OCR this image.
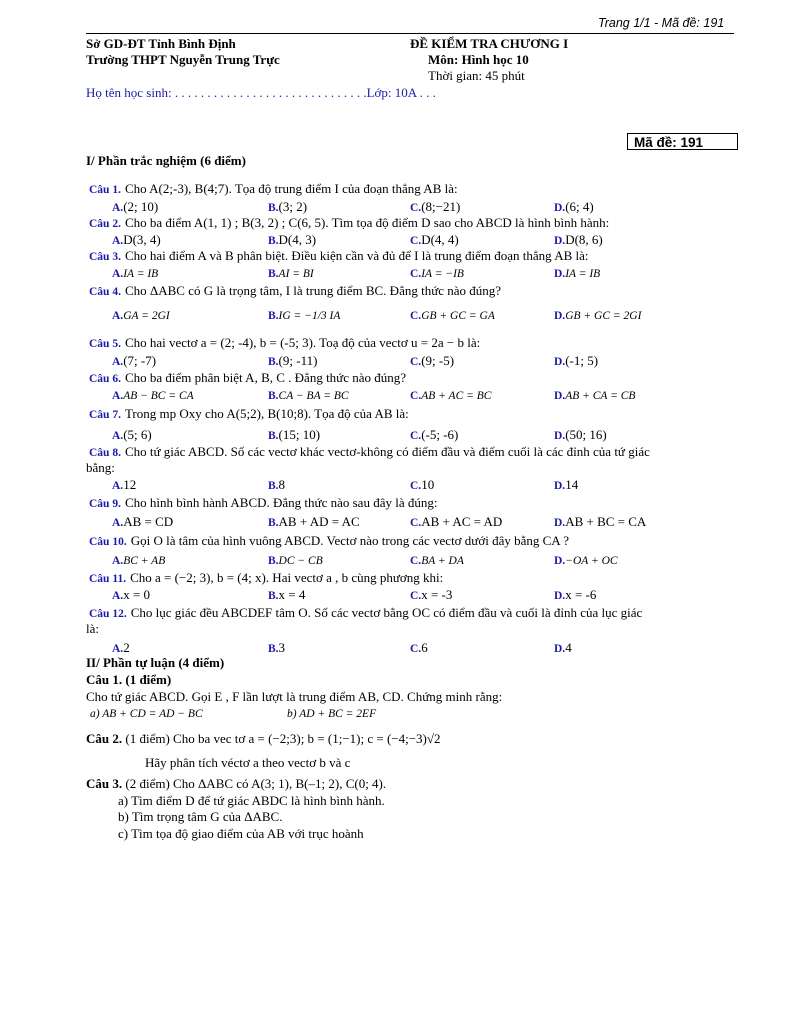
Trang 1/1 - Mã đề: 191
Sở GD-ĐT Tỉnh Bình Định
Trường THPT Nguyễn Trung Trực
ĐỀ KIỂM TRA CHƯƠNG I
Môn: Hình học 10
Thời gian: 45 phút
Họ tên học sinh: . . . . . . . . . . . . . . . . . . . . . . . . . . . . . .Lớp: 10A . . .
Mã đề: 191
I/ Phần trắc nghiệm (6 điểm)
Câu 1. Cho A(2;-3), B(4;7). Tọa độ trung điểm I của đoạn thẳng AB là:
A.(2; 10)	B.(3; 2)	C.(8;−21)	D.(6; 4)
Câu 2. Cho ba điểm A(1, 1) ; B(3, 2) ; C(6, 5). Tìm tọa độ điểm D sao cho ABCD là hình bình hành:
A.D(3, 4)	B.D(4, 3)	C.D(4, 4)	D.D(8, 6)
Câu 3. Cho hai điểm A và B phân biệt. Điều kiện cần và đủ để I là trung điểm đoạn thẳng AB là:
A.IA = IB	B.AI = BI	C.IA = −IB	D.IA = IB
Câu 4. Cho ΔABC có G là trọng tâm, I là trung điểm BC. Đẳng thức nào đúng?
A.GA = 2GI	B.IG = −1/3 IA	C.GB + GC = GA	D.GB + GC = 2GI
Câu 5. Cho hai vectơ a = (2; -4), b = (-5; 3). Toạ độ của vectơ u = 2a − b là:
A.(7; -7)	B.(9; -11)	C.(9; -5)	D.(-1; 5)
Câu 6. Cho ba điểm phân biệt A, B, C . Đẳng thức nào đúng?
A.AB − BC = CA	B.CA − BA = BC	C.AB + AC = BC	D.AB + CA = CB
Câu 7. Trong mp Oxy cho A(5;2), B(10;8). Tọa độ của AB là:
A.(5; 6)	B.(15; 10)	C.(-5; -6)	D.(50; 16)
Câu 8. Cho tứ giác ABCD. Số các vectơ khác vectơ-không có điểm đầu và điểm cuối là các đỉnh của tứ giác
bằng:
A.12	B.8	C.10	D.14
Câu 9. Cho hình bình hành ABCD. Đẳng thức nào sau đây là đúng:
A.AB = CD	B.AB + AD = AC	C.AB + AC = AD	D.AB + BC = CA
Câu 10. Gọi O là tâm của hình vuông ABCD. Vectơ nào trong các vectơ dưới đây bằng CA ?
A.BC + AB	B.DC − CB	C.BA + DA	D.−OA + OC
Câu 11. Cho a = (−2; 3), b = (4; x). Hai vectơ a , b cùng phương khi:
A.x = 0	B.x = 4	C.x = -3	D.x = -6
Câu 12. Cho lục giác đều ABCDEF tâm O. Số các vectơ bằng OC có điểm đầu và cuối là đỉnh của lục giác
là:
A.2	B.3	C.6	D.4
II/ Phần tự luận (4 điểm)
Câu 1. (1 điểm)
Cho tứ giác ABCD. Gọi E , F lần lượt là trung điểm AB, CD. Chứng minh rằng:
a) AB + CD = AD − BC	b) AD + BC = 2EF
Câu 2. (1 điểm) Cho ba vec tơ a = (−2;3); b = (1;−1); c = (−4;−3)√2
Hãy phân tích véctơ a theo vectơ b và c
Câu 3. (2 điểm) Cho ΔABC có A(3; 1), B(–1; 2), C(0; 4).
a) Tìm điểm D để tứ giác ABDC là hình bình hành.
b) Tìm trọng tâm G của ΔABC.
c) Tìm tọa độ giao điểm của AB với trục hoành
